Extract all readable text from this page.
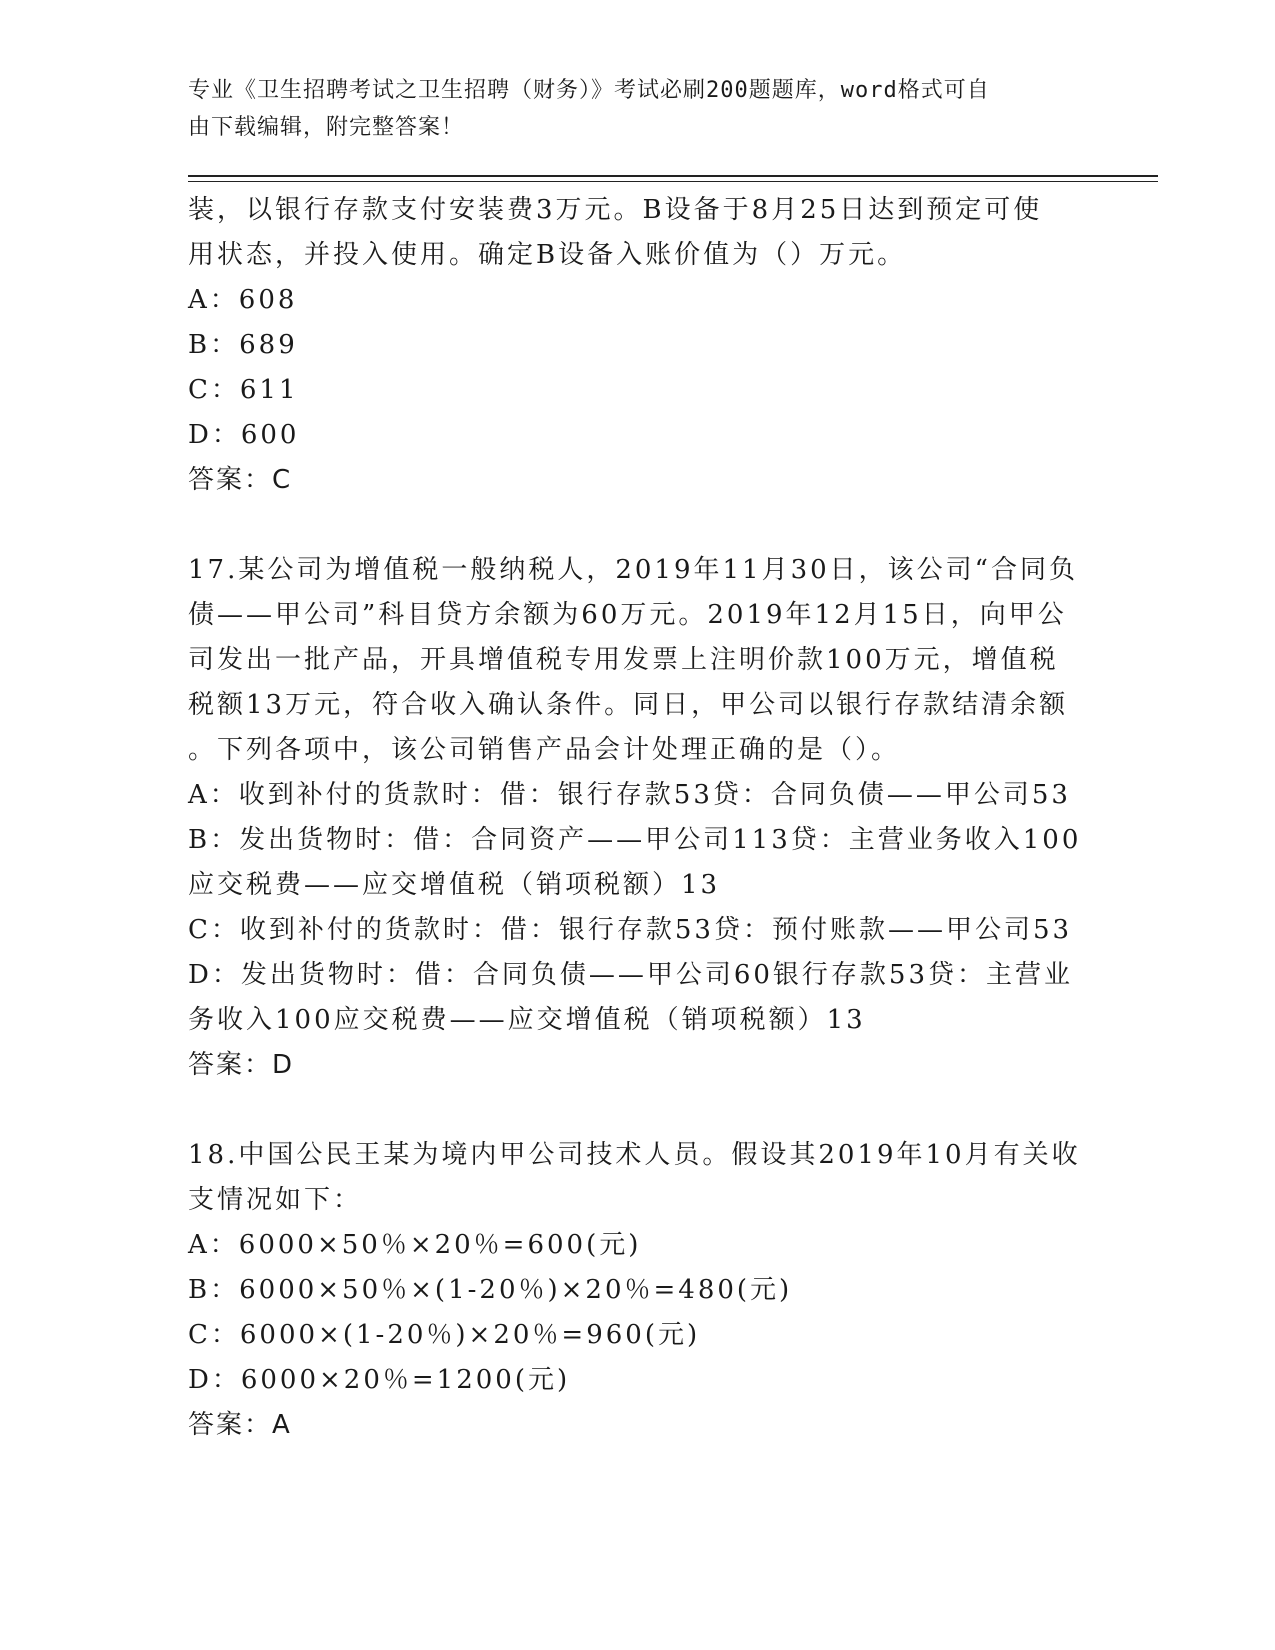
专业《卫生招聘考试之卫生招聘（财务）》考试必刷200题题库，word格式可自
由下载编辑，附完整答案！

装，以银行存款支付安装费3万元。B设备于8月25日达到预定可使

用状态，并投入使用。确定B设备入账价值为（）万元。

A：608

B：689

C：611

D：600

答案：C

17.某公司为增值税一般纳税人，2019年11月30日，该公司“合同负

债——甲公司”科目贷方余额为60万元。2019年12月15日，向甲公

司发出一批产品，开具增值税专用发票上注明价款100万元，增值税

税额13万元，符合收入确认条件。同日，甲公司以银行存款结清余额

。下列各项中，该公司销售产品会计处理正确的是（）。

A：收到补付的货款时：借：银行存款53贷：合同负债——甲公司53

B：发出货物时：借：合同资产——甲公司113贷：主营业务收入100

应交税费——应交增值税（销项税额）13

C：收到补付的货款时：借：银行存款53贷：预付账款——甲公司53

D：发出货物时：借：合同负债——甲公司60银行存款53贷：主营业

务收入100应交税费——应交增值税（销项税额）13

答案：D

18.中国公民王某为境内甲公司技术人员。假设其2019年10月有关收

支情况如下：

A：6000×50％×20％=600(元)

B：6000×50％×(1-20％)×20％=480(元)

C：6000×(1-20％)×20％=960(元)

D：6000×20％=1200(元)

答案：A
